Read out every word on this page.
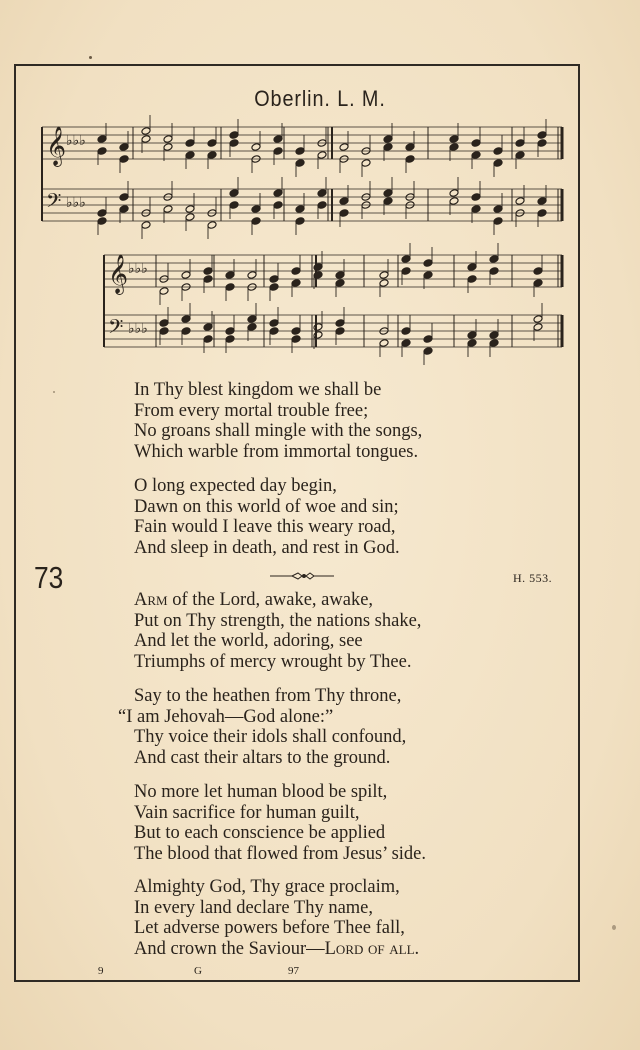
Oberlin. L. M.
𝄞 ♭♭♭
𝄢 ♭♭♭
𝄞 ♭♭♭
𝄢 ♭♭♭
In Thy blest kingdom we shall be
From every mortal trouble free;
No groans shall mingle with the songs,
Which warble from immortal tongues.
O long expected day begin,
Dawn on this world of woe and sin;
Fain would I leave this weary road,
And sleep in death, and rest in God.
73	H. 553.
Arm of the Lord, awake, awake,
Put on Thy strength, the nations shake,
And let the world, adoring, see
Triumphs of mercy wrought by Thee.
Say to the heathen from Thy throne,
“I am Jehovah—God alone:”
Thy voice their idols shall confound,
And cast their altars to the ground.
No more let human blood be spilt,
Vain sacrifice for human guilt,
But to each conscience be applied
The blood that flowed from Jesus’ side.
Almighty God, Thy grace proclaim,
In every land declare Thy name,
Let adverse powers before Thee fall,
And crown the Saviour—Lord of all.
9	G	97
